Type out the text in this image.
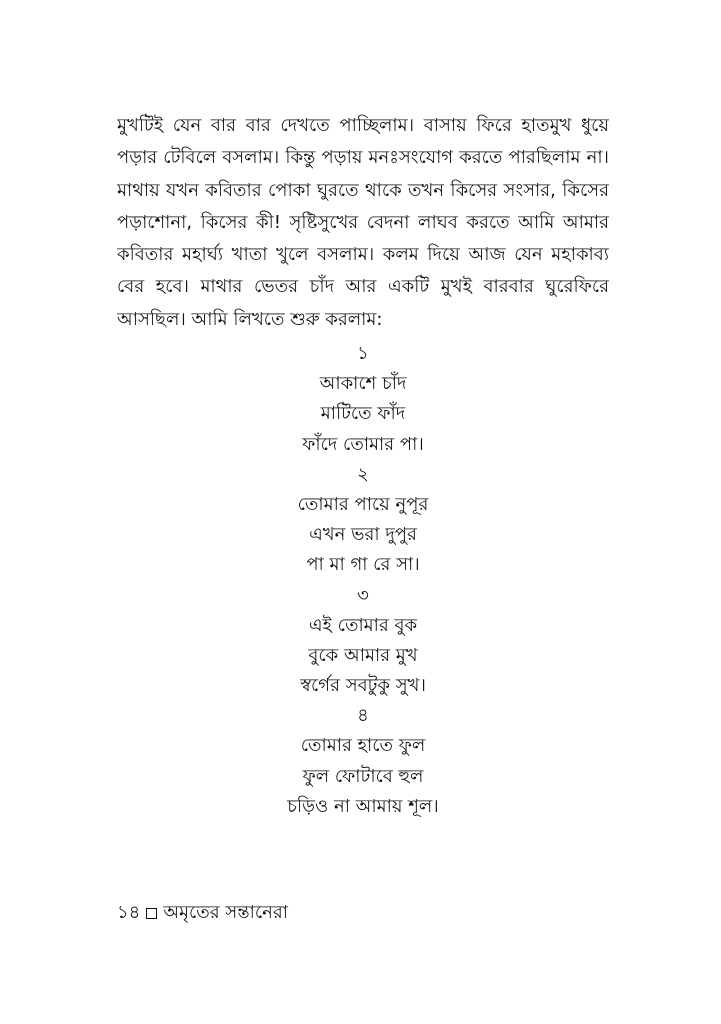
মুখটিই যেন বার বার দেখতে পাচ্ছিলাম। বাসায় ফিরে হাতমুখ ধুয়ে
পড়ার টেবিলে বসলাম। কিন্তু পড়ায় মনঃসংযোগ করতে পারছিলাম না।
মাথায় যখন কবিতার পোকা ঘুরতে থাকে তখন কিসের সংসার, কিসের
পড়াশোনা, কিসের কী! সৃষ্টিসুখের বেদনা লাঘব করতে আমি আমার
কবিতার মহার্ঘ্য খাতা খুলে বসলাম। কলম দিয়ে আজ যেন মহাকাব্য
বের হবে। মাথার ভেতর চাঁদ আর একটি মুখই বারবার ঘুরেফিরে
আসছিল। আমি লিখতে শুরু করলাম:
১
আকাশে চাঁদ
মাটিতে ফাঁদ
ফাঁদে তোমার পা।
২
তোমার পায়ে নুপূর
এখন ভরা দুপুর
পা মা গা রে সা।
৩
এই তোমার বুক
বুকে আমার মুখ
স্বর্গের সবটুকু সুখ।
৪
তোমার হাতে ফুল
ফুল ফোটাবে হুল
চড়িও না আমায় শূল।
১৪ অমৃতের সন্তানেরা
